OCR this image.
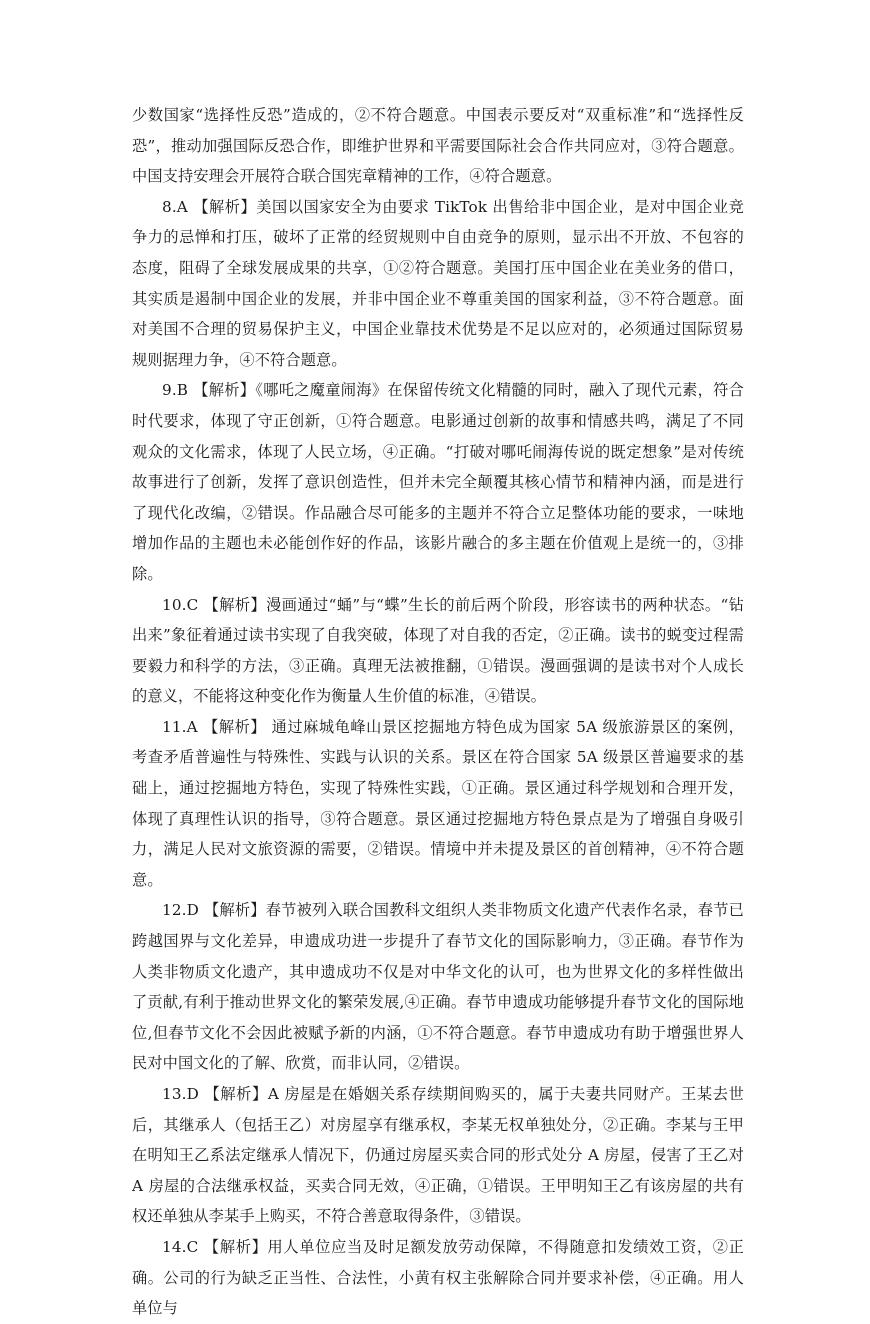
少数国家“选择性反恐”造成的，②不符合题意。中国表示要反对“双重标准”和“选择性反恐”，推动加强国际反恐合作，即维护世界和平需要国际社会合作共同应对，③符合题意。中国支持安理会开展符合联合国宪章精神的工作，④符合题意。

8.A 【解析】美国以国家安全为由要求 TikTok 出售给非中国企业，是对中国企业竞争力的忌惮和打压，破坏了正常的经贸规则中自由竞争的原则，显示出不开放、不包容的态度，阻碍了全球发展成果的共享，①②符合题意。美国打压中国企业在美业务的借口，其实质是遏制中国企业的发展，并非中国企业不尊重美国的国家利益，③不符合题意。面对美国不合理的贸易保护主义，中国企业靠技术优势是不足以应对的，必须通过国际贸易规则据理力争，④不符合题意。

9.B 【解析】《哪吒之魔童闹海》在保留传统文化精髓的同时，融入了现代元素，符合时代要求，体现了守正创新，①符合题意。电影通过创新的故事和情感共鸣，满足了不同观众的文化需求，体现了人民立场，④正确。“打破对哪吒闹海传说的既定想象”是对传统故事进行了创新，发挥了意识创造性，但并未完全颠覆其核心情节和精神内涵，而是进行了现代化改编，②错误。作品融合尽可能多的主题并不符合立足整体功能的要求，一味地增加作品的主题也未必能创作好的作品，该影片融合的多主题在价值观上是统一的，③排除。

10.C 【解析】漫画通过“蛹”与“蝶”生长的前后两个阶段，形容读书的两种状态。“钻出来”象征着通过读书实现了自我突破，体现了对自我的否定，②正确。读书的蜕变过程需要毅力和科学的方法，③正确。真理无法被推翻，①错误。漫画强调的是读书对个人成长的意义，不能将这种变化作为衡量人生价值的标准，④错误。

11.A 【解析】 通过麻城龟峰山景区挖掘地方特色成为国家 5A 级旅游景区的案例，考查矛盾普遍性与特殊性、实践与认识的关系。景区在符合国家 5A 级景区普遍要求的基础上，通过挖掘地方特色，实现了特殊性实践，①正确。景区通过科学规划和合理开发，体现了真理性认识的指导，③符合题意。景区通过挖掘地方特色景点是为了增强自身吸引力，满足人民对文旅资源的需要，②错误。情境中并未提及景区的首创精神，④不符合题意。

12.D 【解析】春节被列入联合国教科文组织人类非物质文化遗产代表作名录，春节已跨越国界与文化差异，申遗成功进一步提升了春节文化的国际影响力，③正确。春节作为人类非物质文化遗产，其申遗成功不仅是对中华文化的认可，也为世界文化的多样性做出了贡献,有利于推动世界文化的繁荣发展,④正确。春节申遗成功能够提升春节文化的国际地位,但春节文化不会因此被赋予新的内涵，①不符合题意。春节申遗成功有助于增强世界人民对中国文化的了解、欣赏，而非认同，②错误。

13.D 【解析】A 房屋是在婚姻关系存续期间购买的，属于夫妻共同财产。王某去世后，其继承人（包括王乙）对房屋享有继承权，李某无权单独处分，②正确。李某与王甲在明知王乙系法定继承人情况下，仍通过房屋买卖合同的形式处分 A 房屋，侵害了王乙对 A 房屋的合法继承权益，买卖合同无效，④正确，①错误。王甲明知王乙有该房屋的共有权还单独从李某手上购买，不符合善意取得条件，③错误。

14.C 【解析】用人单位应当及时足额发放劳动保障，不得随意扣发绩效工资，②正确。公司的行为缺乏正当性、合法性，小黄有权主张解除合同并要求补偿，④正确。用人单位与
